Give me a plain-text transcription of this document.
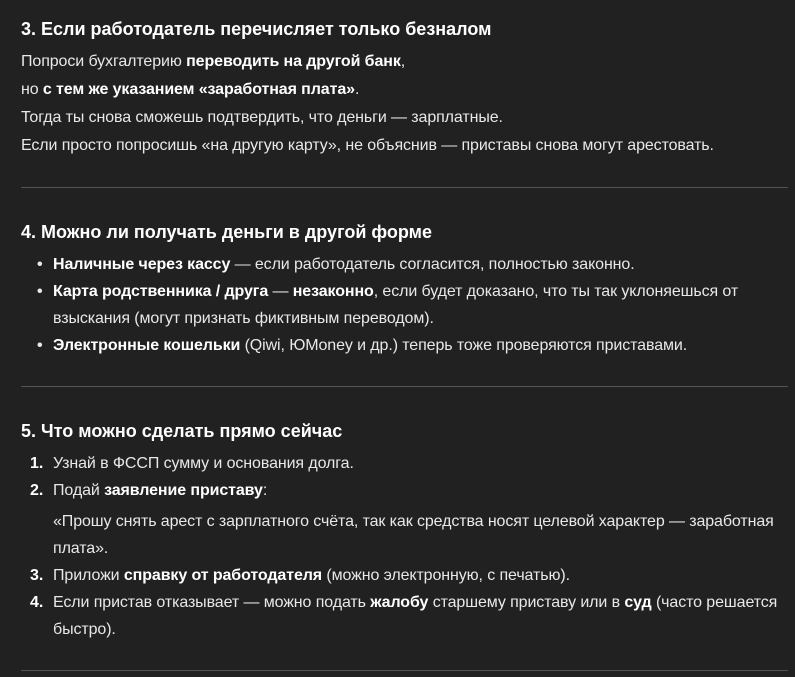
3. Если работодатель перечисляет только безналом

Попроси бухгалтерию переводить на другой банк,
но с тем же указанием «заработная плата».
Тогда ты снова сможешь подтвердить, что деньги — зарплатные.
Если просто попросишь «на другую карту», не объяснив — приставы снова могут арестовать.

4. Можно ли получать деньги в другой форме
• Наличные через кассу — если работодатель согласится, полностью законно.
• Карта родственника / друга — незаконно, если будет доказано, что ты так уклоняешься от взыскания (могут признать фиктивным переводом).
• Электронные кошельки (Qiwi, ЮMoney и др.) теперь тоже проверяются приставами.
5. Что можно сделать прямо сейчас
Узнай в ФССП сумму и основания долга.
Подай заявление приставу:

«Прошу снять арест с зарплатного счёта, так как средства носят целевой характер — заработная плата».

Приложи справку от работодателя (можно электронную, с печатью).
Если пристав отказывает — можно подать жалобу старшему приставу или в суд (часто решается быстро).
